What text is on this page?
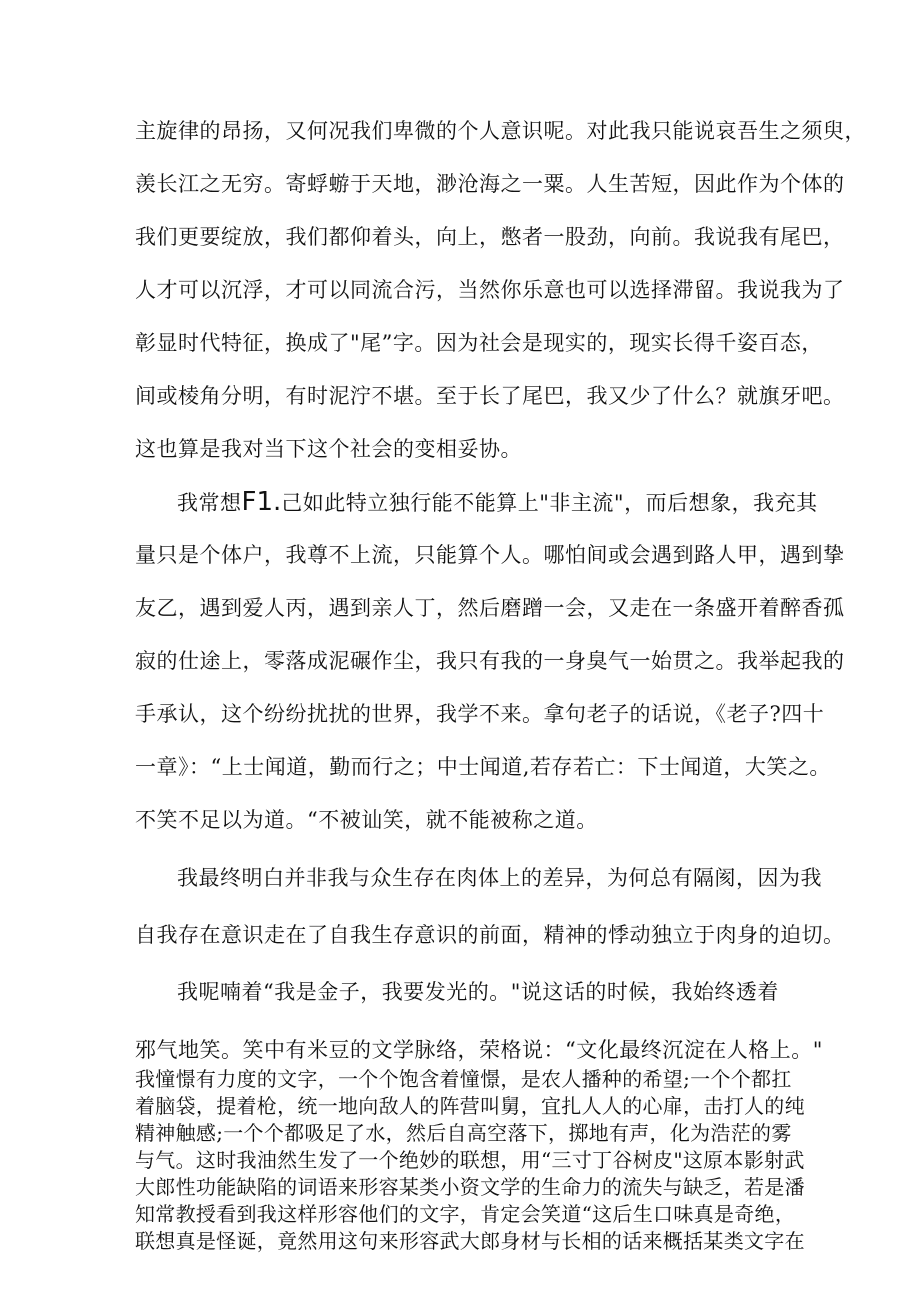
主旋律的昂扬，又何况我们卑微的个人意识呢。对此我只能说哀吾生之须臾，
羡长江之无穷。寄蜉蝣于天地，渺沧海之一粟。人生苦短，因此作为个体的
我们更要绽放，我们都仰着头，向上，憋者一股劲，向前。我说我有尾巴，
人才可以沉浮，才可以同流合污，当然你乐意也可以选择滞留。我说我为了
彰显时代特征，换成了"尾”字。因为社会是现实的，现实长得千姿百态，
间或棱角分明，有时泥泞不堪。至于长了尾巴，我又少了什么？就旗牙吧。
这也算是我对当下这个社会的变相妥协。
我常想F1.己如此特立独行能不能算上"非主流"，而后想象，我充其
量只是个体户，我尊不上流，只能算个人。哪怕间或会遇到路人甲，遇到挚
友乙，遇到爱人丙，遇到亲人丁，然后磨蹭一会，又走在一条盛开着醉香孤
寂的仕途上，零落成泥碾作尘，我只有我的一身臭气一始贯之。我举起我的
手承认，这个纷纷扰扰的世界，我学不来。拿句老子的话说，《老子?四十
一章》：“上士闻道，勤而行之；中士闻道,若存若亡：下士闻道，大笑之。
不笑不足以为道。“不被讪笑，就不能被称之道。
我最终明白并非我与众生存在肉体上的差异，为何总有隔阂，因为我
自我存在意识走在了自我生存意识的前面，精神的悸动独立于肉身的迫切。
我呢喃着“我是金子，我要发光的。"说这话的时候，我始终透着
邪气地笑。笑中有米豆的文学脉络，荣格说：“文化最终沉淀在人格上。"
我憧憬有力度的文字，一个个饱含着憧憬，是农人播种的希望;一个个都扛
着脑袋，提着枪，统一地向敌人的阵营叫舅，宜扎人人的心扉，击打人的纯
精神触感;一个个都吸足了水，然后自高空落下，掷地有声，化为浩茫的雾
与气。这时我油然生发了一个绝妙的联想，用“三寸丁谷树皮"这原本影射武
大郎性功能缺陷的词语来形容某类小资文学的生命力的流失与缺乏，若是潘
知常教授看到我这样形容他们的文字，肯定会笑道“这后生口味真是奇绝，
联想真是怪诞，竟然用这句来形容武大郎身材与长相的话来概括某类文字在
